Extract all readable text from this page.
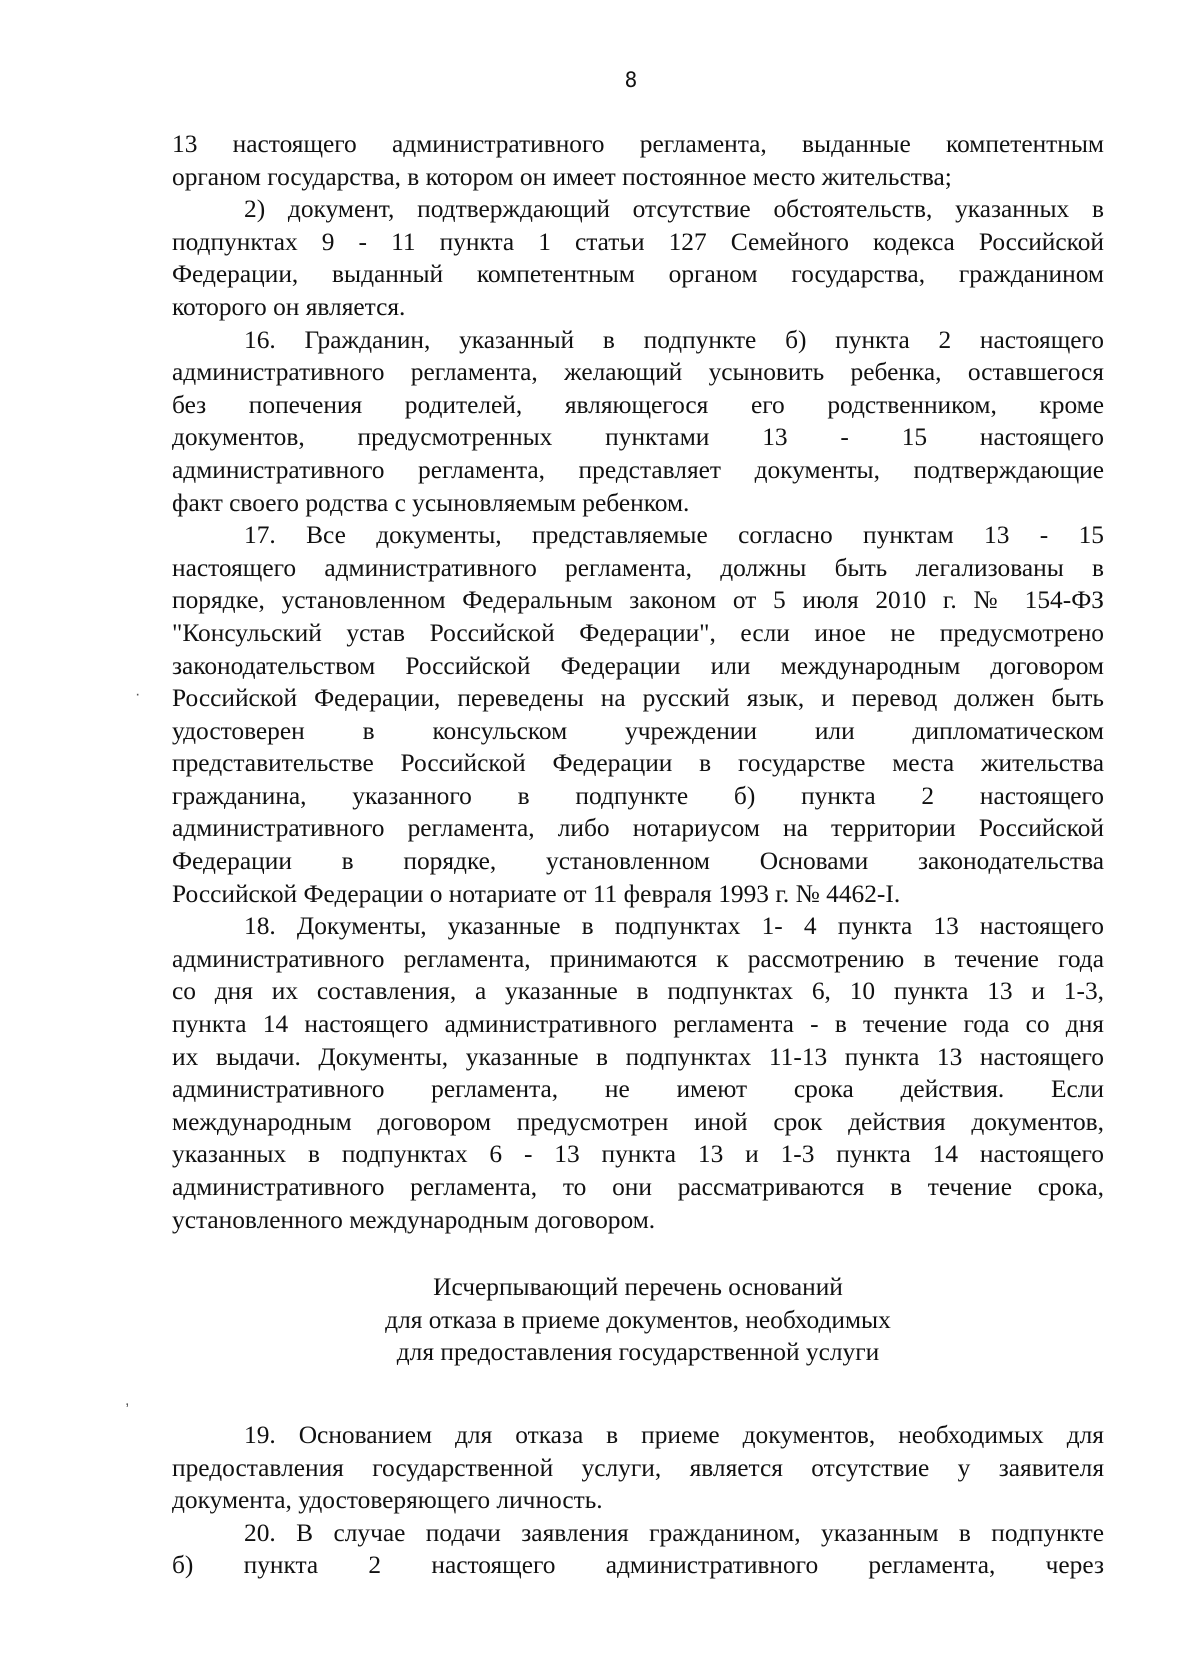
8

13 настоящего административного регламента, выданные компетентным

органом государства, в котором он имеет постоянное место жительства;

2) документ, подтверждающий отсутствие обстоятельств, указанных в

подпунктах 9 - 11 пункта 1 статьи 127 Семейного кодекса Российской

Федерации, выданный компетентным органом государства, гражданином

которого он является.

16. Гражданин, указанный в подпункте б) пункта 2 настоящего

административного регламента, желающий усыновить ребенка, оставшегося

без попечения родителей, являющегося его родственником, кроме

документов, предусмотренных пунктами 13 - 15 настоящего

административного регламента, представляет документы, подтверждающие

факт своего родства с усыновляемым ребенком.

17. Все документы, представляемые согласно пунктам 13 - 15

настоящего административного регламента, должны быть легализованы в

порядке, установленном Федеральным законом от 5 июля 2010 г. № 154-ФЗ

"Консульский устав Российской Федерации", если иное не предусмотрено

законодательством Российской Федерации или международным договором

Российской Федерации, переведены на русский язык, и перевод должен быть

удостоверен в консульском учреждении или дипломатическом

представительстве Российской Федерации в государстве места жительства

гражданина, указанного в подпункте б) пункта 2 настоящего

административного регламента, либо нотариусом на территории Российской

Федерации в порядке, установленном Основами законодательства

Российской Федерации о нотариате от 11 февраля 1993 г. № 4462-I.

18. Документы, указанные в подпунктах 1- 4 пункта 13 настоящего

административного регламента, принимаются к рассмотрению в течение года

со дня их составления, а указанные в подпунктах 6, 10 пункта 13 и 1-3,

пункта 14 настоящего административного регламента - в течение года со дня

их выдачи. Документы, указанные в подпунктах 11-13 пункта 13 настоящего

административного регламента, не имеют срока действия. Если

международным договором предусмотрен иной срок действия документов,

указанных в подпунктах 6 - 13 пункта 13 и 1-3 пункта 14 настоящего

административного регламента, то они рассматриваются в течение срока,

установленного международным договором.

Исчерпывающий перечень оснований
для отказа в приеме документов, необходимых
для предоставления государственной услуги

19. Основанием для отказа в приеме документов, необходимых для

предоставления государственной услуги, является отсутствие у заявителя

документа, удостоверяющего личность.

20. В случае подачи заявления гражданином, указанным в подпункте

б) пункта 2 настоящего административного регламента, через

·
,
